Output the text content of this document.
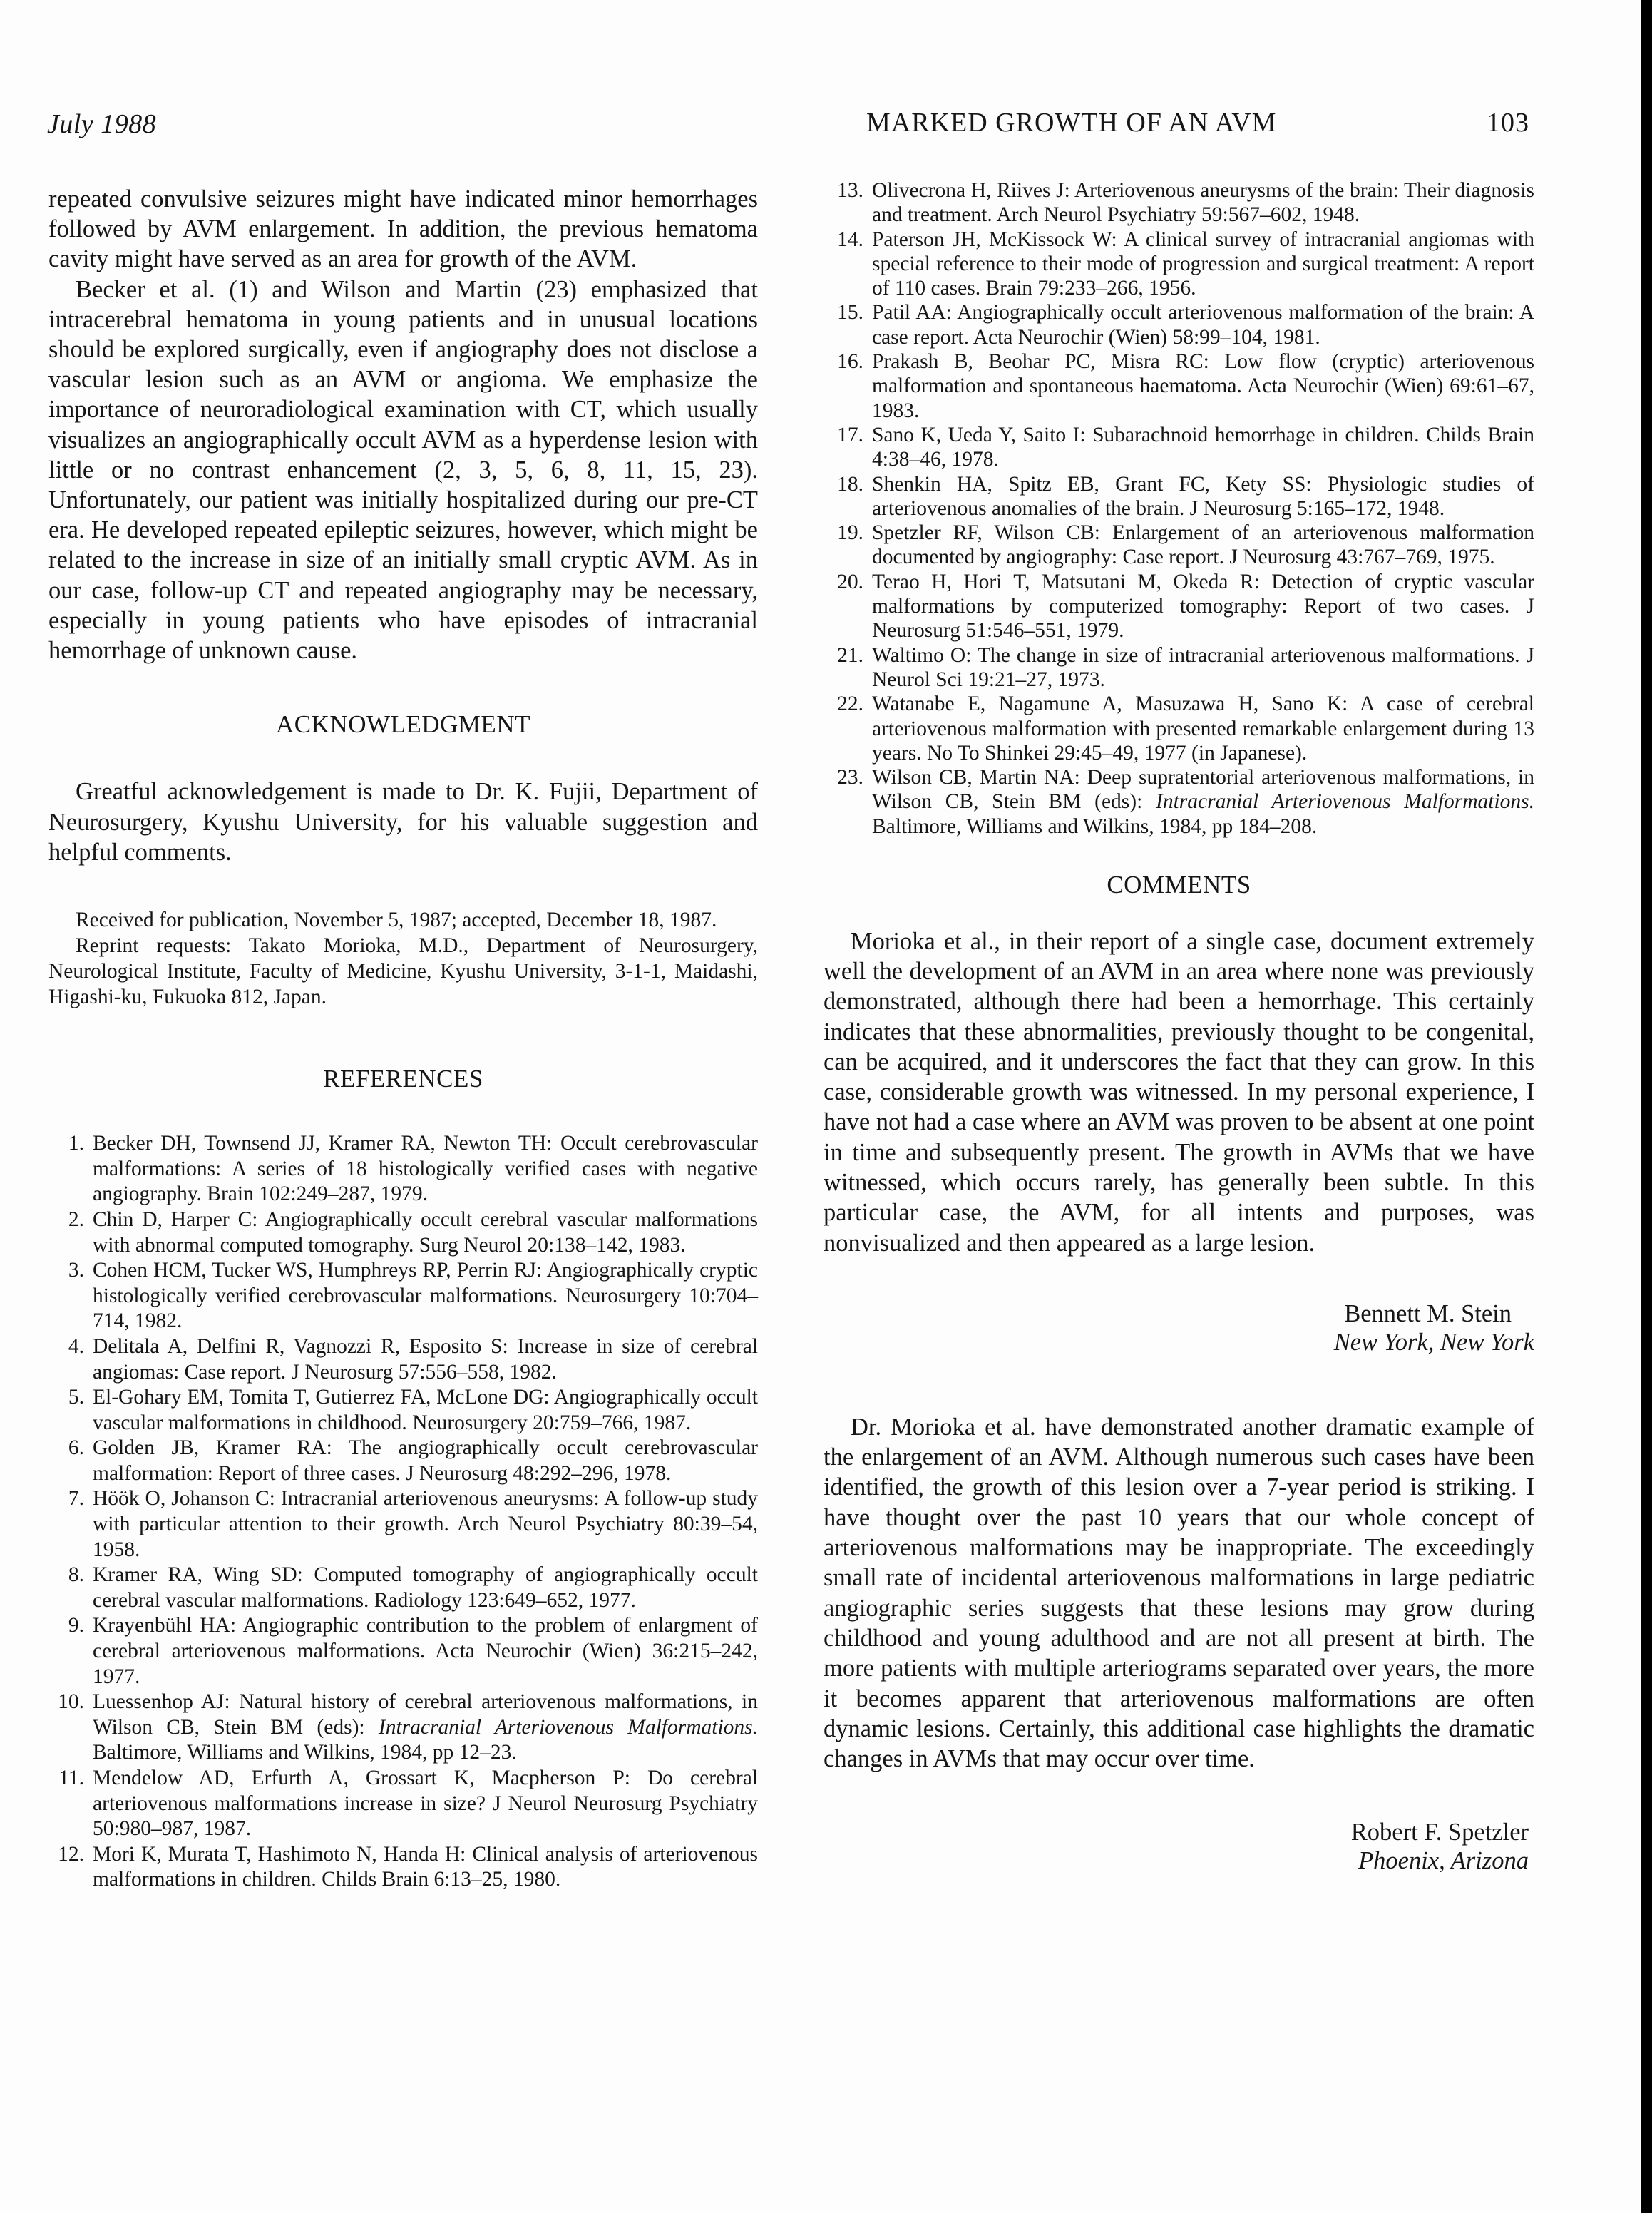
July 1988	MARKED GROWTH OF AN AVM	103

repeated convulsive seizures might have indicated minor hemorrhages followed by AVM enlargement. In addition, the previous hematoma cavity might have served as an area for growth of the AVM.

Becker et al. (1) and Wilson and Martin (23) emphasized that intracerebral hematoma in young patients and in unusual locations should be explored surgically, even if angiography does not disclose a vascular lesion such as an AVM or angioma. We emphasize the importance of neuroradiological examination with CT, which usually visualizes an angiographically occult AVM as a hyperdense lesion with little or no contrast enhancement (2, 3, 5, 6, 8, 11, 15, 23). Unfortunately, our patient was initially hospitalized during our pre-CT era. He developed repeated epileptic seizures, however, which might be related to the increase in size of an initially small cryptic AVM. As in our case, follow-up CT and repeated angiography may be necessary, especially in young patients who have episodes of intracranial hemorrhage of unknown cause.

ACKNOWLEDGMENT

Greatful acknowledgement is made to Dr. K. Fujii, Department of Neurosurgery, Kyushu University, for his valuable suggestion and helpful comments.

Received for publication, November 5, 1987; accepted, December 18, 1987.

Reprint requests: Takato Morioka, M.D., Department of Neurosurgery, Neurological Institute, Faculty of Medicine, Kyushu University, 3-1-1, Maidashi, Higashi-ku, Fukuoka 812, Japan.

REFERENCES
1. Becker DH, Townsend JJ, Kramer RA, Newton TH: Occult cerebrovascular malformations: A series of 18 histologically verified cases with negative angiography. Brain 102:249–287, 1979.
2. Chin D, Harper C: Angiographically occult cerebral vascular malformations with abnormal computed tomography. Surg Neurol 20:138–142, 1983.
3. Cohen HCM, Tucker WS, Humphreys RP, Perrin RJ: Angiographically cryptic histologically verified cerebrovascular malformations. Neurosurgery 10:704–714, 1982.
4. Delitala A, Delfini R, Vagnozzi R, Esposito S: Increase in size of cerebral angiomas: Case report. J Neurosurg 57:556–558, 1982.
5. El-Gohary EM, Tomita T, Gutierrez FA, McLone DG: Angiographically occult vascular malformations in childhood. Neurosurgery 20:759–766, 1987.
6. Golden JB, Kramer RA: The angiographically occult cerebrovascular malformation: Report of three cases. J Neurosurg 48:292–296, 1978.
7. Höök O, Johanson C: Intracranial arteriovenous aneurysms: A follow-up study with particular attention to their growth. Arch Neurol Psychiatry 80:39–54, 1958.
8. Kramer RA, Wing SD: Computed tomography of angiographically occult cerebral vascular malformations. Radiology 123:649–652, 1977.
9. Krayenbühl HA: Angiographic contribution to the problem of enlargment of cerebral arteriovenous malformations. Acta Neurochir (Wien) 36:215–242, 1977.
10. Luessenhop AJ: Natural history of cerebral arteriovenous malformations, in Wilson CB, Stein BM (eds): Intracranial Arteriovenous Malformations. Baltimore, Williams and Wilkins, 1984, pp 12–23.
11. Mendelow AD, Erfurth A, Grossart K, Macpherson P: Do cerebral arteriovenous malformations increase in size? J Neurol Neurosurg Psychiatry 50:980–987, 1987.
12. Mori K, Murata T, Hashimoto N, Handa H: Clinical analysis of arteriovenous malformations in children. Childs Brain 6:13–25, 1980.
13. Olivecrona H, Riives J: Arteriovenous aneurysms of the brain: Their diagnosis and treatment. Arch Neurol Psychiatry 59:567–602, 1948.
14. Paterson JH, McKissock W: A clinical survey of intracranial angiomas with special reference to their mode of progression and surgical treatment: A report of 110 cases. Brain 79:233–266, 1956.
15. Patil AA: Angiographically occult arteriovenous malformation of the brain: A case report. Acta Neurochir (Wien) 58:99–104, 1981.
16. Prakash B, Beohar PC, Misra RC: Low flow (cryptic) arteriovenous malformation and spontaneous haematoma. Acta Neurochir (Wien) 69:61–67, 1983.
17. Sano K, Ueda Y, Saito I: Subarachnoid hemorrhage in children. Childs Brain 4:38–46, 1978.
18. Shenkin HA, Spitz EB, Grant FC, Kety SS: Physiologic studies of arteriovenous anomalies of the brain. J Neurosurg 5:165–172, 1948.
19. Spetzler RF, Wilson CB: Enlargement of an arteriovenous malformation documented by angiography: Case report. J Neurosurg 43:767–769, 1975.
20. Terao H, Hori T, Matsutani M, Okeda R: Detection of cryptic vascular malformations by computerized tomography: Report of two cases. J Neurosurg 51:546–551, 1979.
21. Waltimo O: The change in size of intracranial arteriovenous malformations. J Neurol Sci 19:21–27, 1973.
22. Watanabe E, Nagamune A, Masuzawa H, Sano K: A case of cerebral arteriovenous malformation with presented remarkable enlargement during 13 years. No To Shinkei 29:45–49, 1977 (in Japanese).
23. Wilson CB, Martin NA: Deep supratentorial arteriovenous malformations, in Wilson CB, Stein BM (eds): Intracranial Arteriovenous Malformations. Baltimore, Williams and Wilkins, 1984, pp 184–208.
COMMENTS

Morioka et al., in their report of a single case, document extremely well the development of an AVM in an area where none was previously demonstrated, although there had been a hemorrhage. This certainly indicates that these abnormalities, previously thought to be congenital, can be acquired, and it underscores the fact that they can grow. In this case, considerable growth was witnessed. In my personal experience, I have not had a case where an AVM was proven to be absent at one point in time and subsequently present. The growth in AVMs that we have witnessed, which occurs rarely, has generally been subtle. In this particular case, the AVM, for all intents and purposes, was nonvisualized and then appeared as a large lesion.

Bennett M. Stein
New York, New York

Dr. Morioka et al. have demonstrated another dramatic example of the enlargement of an AVM. Although numerous such cases have been identified, the growth of this lesion over a 7-year period is striking. I have thought over the past 10 years that our whole concept of arteriovenous malformations may be inappropriate. The exceedingly small rate of incidental arteriovenous malformations in large pediatric angiographic series suggests that these lesions may grow during childhood and young adulthood and are not all present at birth. The more patients with multiple arteriograms separated over years, the more it becomes apparent that arteriovenous malformations are often dynamic lesions. Certainly, this additional case highlights the dramatic changes in AVMs that may occur over time.

Robert F. Spetzler
Phoenix, Arizona
